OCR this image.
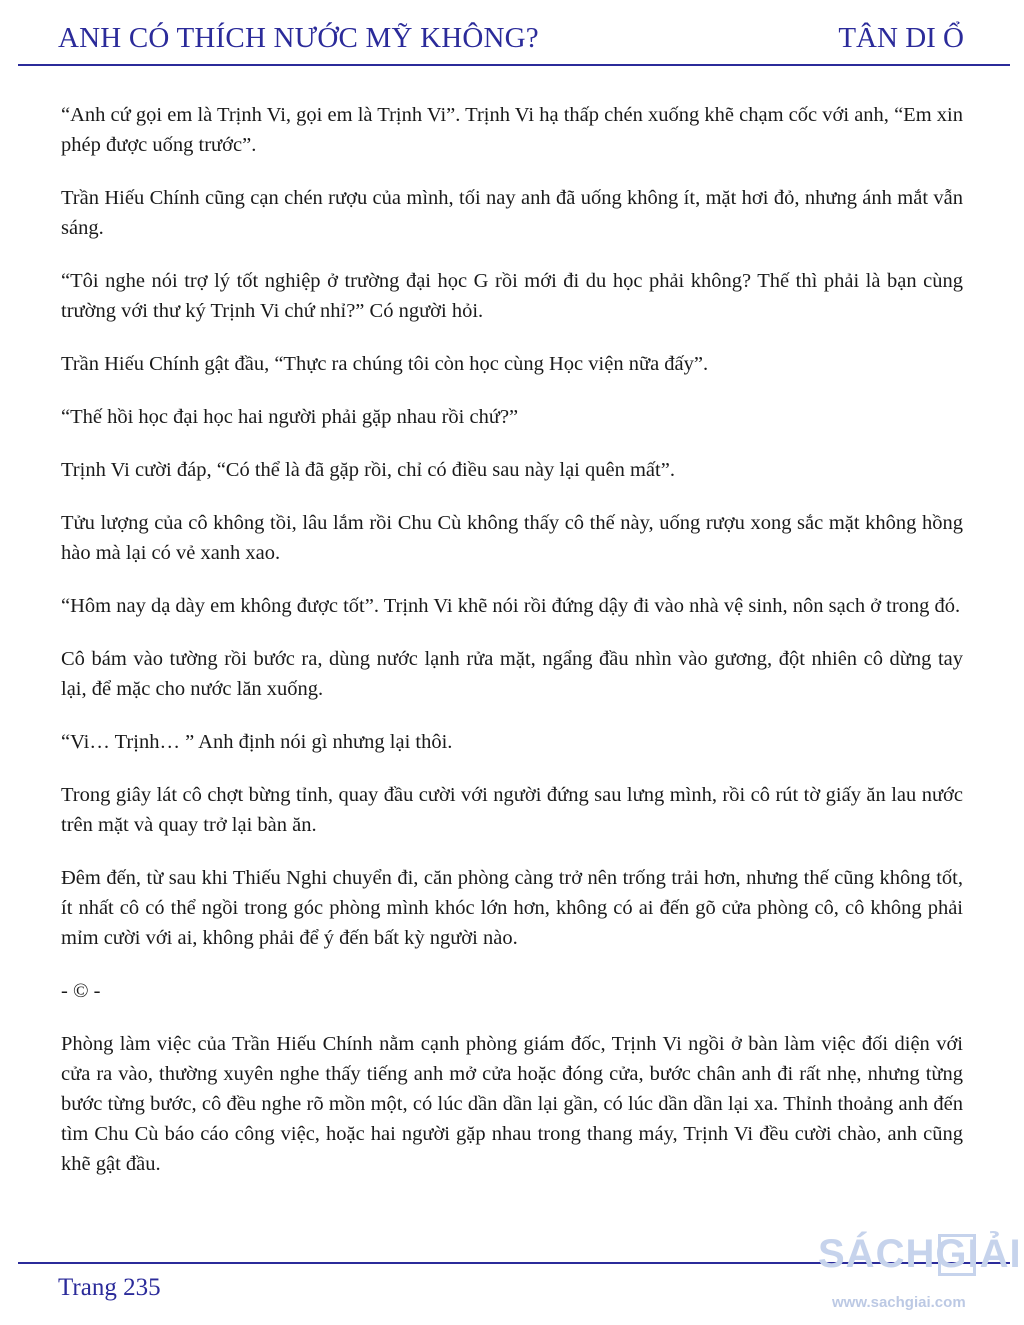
ANH CÓ THÍCH NƯỚC MỸ KHÔNG?	TÂN DI Ổ

“Anh cứ gọi em là Trịnh Vi, gọi em là Trịnh Vi”. Trịnh Vi hạ thấp chén xuống khẽ chạm cốc với anh, “Em xin phép được uống trước”.

Trần Hiếu Chính cũng cạn chén rượu của mình, tối nay anh đã uống không ít, mặt hơi đỏ, nhưng ánh mắt vẫn sáng.

“Tôi nghe nói trợ lý tốt nghiệp ở trường đại học G rồi mới đi du học phải không? Thế thì phải là bạn cùng trường với thư ký Trịnh Vi chứ nhỉ?” Có người hỏi.

Trần Hiếu Chính gật đầu, “Thực ra chúng tôi còn học cùng Học viện nữa đấy”.

“Thế hồi học đại học hai người phải gặp nhau rồi chứ?”

Trịnh Vi cười đáp, “Có thể là đã gặp rồi, chỉ có điều sau này lại quên mất”.

Tửu lượng của cô không tồi, lâu lắm rồi Chu Cù không thấy cô thế này, uống rượu xong sắc mặt không hồng hào mà lại có vẻ xanh xao.

“Hôm nay dạ dày em không được tốt”. Trịnh Vi khẽ nói rồi đứng dậy đi vào nhà vệ sinh, nôn sạch ở trong đó.

Cô bám vào tường rồi bước ra, dùng nước lạnh rửa mặt, ngẩng đầu nhìn vào gương, đột nhiên cô dừng tay lại, để mặc cho nước lăn xuống.

“Vi… Trịnh… ” Anh định nói gì nhưng lại thôi.

Trong giây lát cô chợt bừng tỉnh, quay đầu cười với người đứng sau lưng mình, rồi cô rút tờ giấy ăn lau nước trên mặt và quay trở lại bàn ăn.

Đêm đến, từ sau khi Thiếu Nghi chuyển đi, căn phòng càng trở nên trống trải hơn, nhưng thế cũng không tốt, ít nhất cô có thể ngồi trong góc phòng mình khóc lớn hơn, không có ai đến gõ cửa phòng cô, cô không phải mỉm cười với ai, không phải để ý đến bất kỳ người nào.

- © -

Phòng làm việc của Trần Hiếu Chính nằm cạnh phòng giám đốc, Trịnh Vi ngồi ở bàn làm việc đối diện với cửa ra vào, thường xuyên nghe thấy tiếng anh mở cửa hoặc đóng cửa, bước chân anh đi rất nhẹ, nhưng từng bước từng bước, cô đều nghe rõ mồn một, có lúc dần dần lại gần, có lúc dần dần lại xa. Thỉnh thoảng anh đến tìm Chu Cù báo cáo công việc, hoặc hai người gặp nhau trong thang máy, Trịnh Vi đều cười chào, anh cũng khẽ gật đầu.

Trang 235
SÁCHGIẢI
www.sachgiai.com
